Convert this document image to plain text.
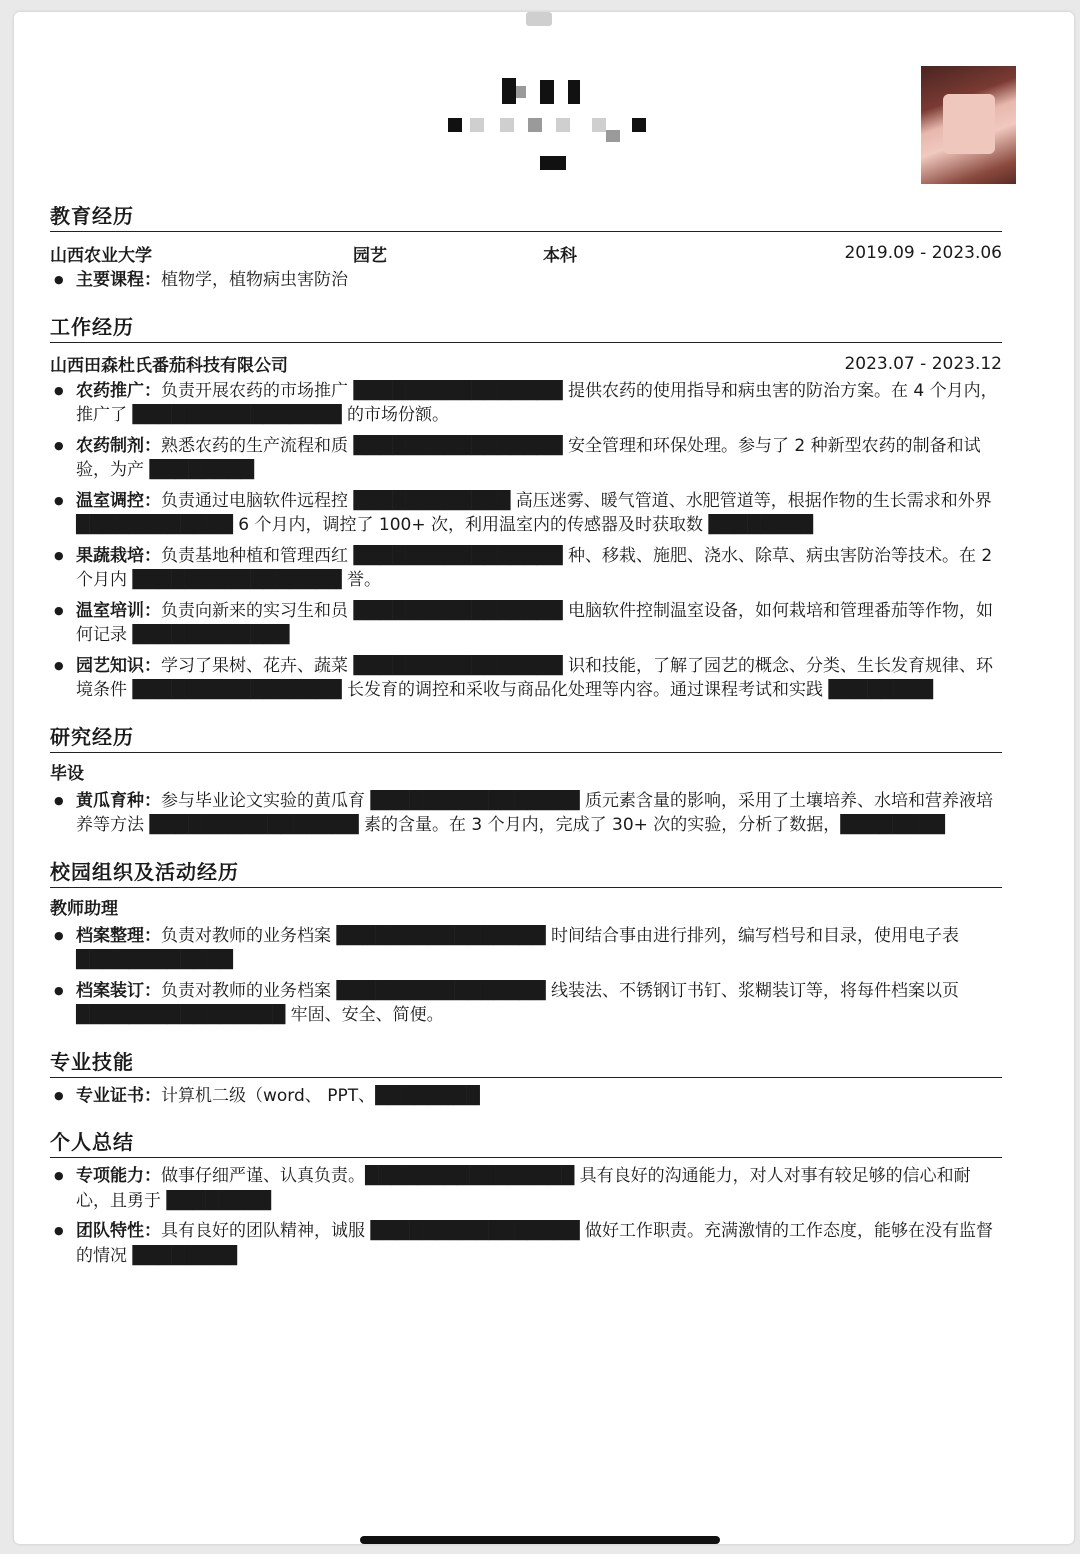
教育经历
山西农业大学	园艺	本科	2019.09 - 2023.06
● 主要课程：植物学，植物病虫害防治
工作经历
山西田森杜氏番茄科技有限公司	2023.07 - 2023.12
● 农药推广：负责开展农药的市场推广 ████████████████ 提供农药的使用指导和病虫害的防治方案。在 4 个月内，推广了 ████████████████ 的市场份额。
● 农药制剂：熟悉农药的生产流程和质 ████████████████ 安全管理和环保处理。参与了 2 种新型农药的制备和试验，为产 ████████
● 温室调控：负责通过电脑软件远程控 ████████████ 高压迷雾、暖气管道、水肥管道等，根据作物的生长需求和外界 ████████████ 6 个月内，调控了 100+ 次，利用温室内的传感器及时获取数 ████████
● 果蔬栽培：负责基地种植和管理西红 ████████████████ 种、移栽、施肥、浇水、除草、病虫害防治等技术。在 2 个月内 ████████████████ 誉。
● 温室培训：负责向新来的实习生和员 ████████████████ 电脑软件控制温室设备，如何栽培和管理番茄等作物，如何记录 ████████████
● 园艺知识：学习了果树、花卉、蔬菜 ████████████████ 识和技能，了解了园艺的概念、分类、生长发育规律、环境条件 ████████████████ 长发育的调控和采收与商品化处理等内容。通过课程考试和实践 ████████
研究经历
毕设
● 黄瓜育种：参与毕业论文实验的黄瓜育 ████████████████ 质元素含量的影响，采用了土壤培养、水培和营养液培养等方法 ████████████████ 素的含量。在 3 个月内，完成了 30+ 次的实验，分析了数据，████████
校园组织及活动经历
教师助理
● 档案整理：负责对教师的业务档案 ████████████████ 时间结合事由进行排列，编写档号和目录，使用电子表 ████████████
● 档案装订：负责对教师的业务档案 ████████████████ 线装法、不锈钢订书钉、浆糊装订等，将每件档案以页 ████████████████ 牢固、安全、简便。
专业技能
● 专业证书：计算机二级（word、 PPT、████████
个人总结
● 专项能力：做事仔细严谨、认真负责。████████████████ 具有良好的沟通能力，对人对事有较足够的信心和耐心，且勇于 ████████
● 团队特性：具有良好的团队精神，诚服 ████████████████ 做好工作职责。充满激情的工作态度，能够在没有监督的情况 ████████
